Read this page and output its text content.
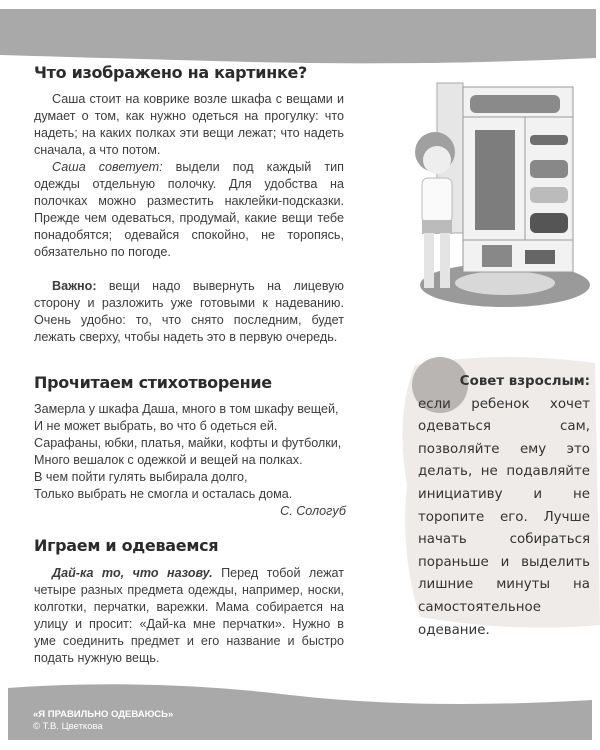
Что изображено на картинке?

Саша стоит на коврике возле шкафа с вещами и думает о том, как нужно одеться на прогулку: что надеть; на каких полках эти вещи лежат; что надеть сначала, а что потом.

Саша советует: выдели под каждый тип одежды отдельную полочку. Для удобства на полочках можно разместить наклейки-подсказки. Прежде чем одеваться, продумай, какие вещи тебе понадобятся; одевайся спокойно, не торопясь, обязательно по погоде.

Важно: вещи надо вывернуть на лицевую сторону и разложить уже готовыми к надеванию. Очень удобно: то, что снято последним, будет лежать сверху, чтобы надеть это в первую очередь.

Прочитаем стихотворение
Замерла у шкафа Даша, много в том шкафу вещей,
И не может выбрать, во что б одеться ей.
Сарафаны, юбки, платья, майки, кофты и футболки,
Много вешалок с одежкой и вещей на полках.
В чем пойти гулять выбирала долго,
Только выбрать не смогла и осталась дома.
С. Сологуб
Играем и одеваемся

Дай-ка то, что назову. Перед тобой лежат четыре разных предмета одежды, например, носки, колготки, перчатки, варежки. Мама собирается на улицу и просит: «Дай-ка мне перчатки». Нужно в уме соединить предмет и его название и быстро подать нужную вещь.

Совет взрослым:
если ребенок хочет одеваться сам, позволяйте ему это делать, не подавляйте инициативу и не торопите его. Лучше начать собираться пораньше и выделить лишние минуты на самостоятельное одевание.
«Я ПРАВИЛЬНО ОДЕВАЮСЬ»
© Т.В. Цветкова
